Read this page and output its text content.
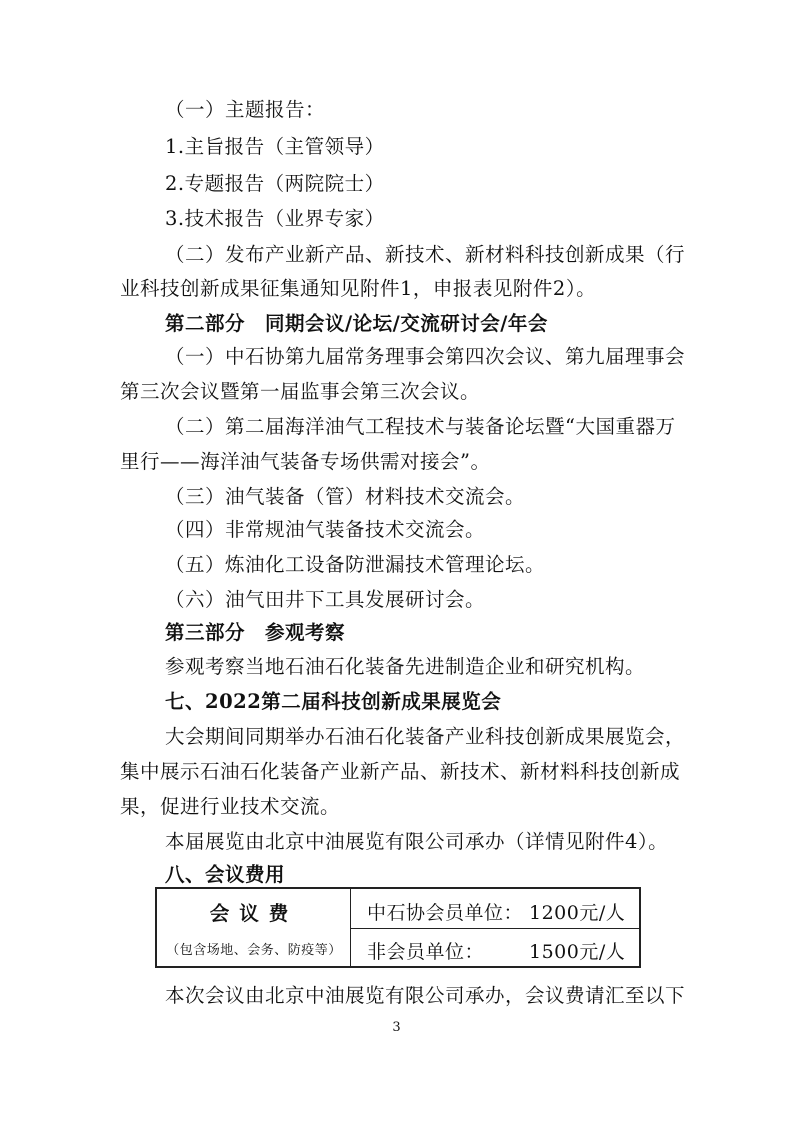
（一）主题报告：

1.主旨报告（主管领导）

2.专题报告（两院院士）

3.技术报告（业界专家）

（二）发布产业新产品、新技术、新材料科技创新成果（行

业科技创新成果征集通知见附件1，申报表见附件2）。

第二部分　同期会议/论坛/交流研讨会/年会

（一）中石协第九届常务理事会第四次会议、第九届理事会

第三次会议暨第一届监事会第三次会议。

（二）第二届海洋油气工程技术与装备论坛暨“大国重器万

里行——海洋油气装备专场供需对接会”。

（三）油气装备（管）材料技术交流会。

（四）非常规油气装备技术交流会。

（五）炼油化工设备防泄漏技术管理论坛。

（六）油气田井下工具发展研讨会。

第三部分　参观考察

参观考察当地石油石化装备先进制造企业和研究机构。

七、2022第二届科技创新成果展览会

大会期间同期举办石油石化装备产业科技创新成果展览会，

集中展示石油石化装备产业新产品、新技术、新材料科技创新成

果，促进行业技术交流。

本届展览由北京中油展览有限公司承办（详情见附件4）。

八、会议费用

会议费
（包含场地、会务、防疫等）
中石协会员单位： 1200元/人
非会员单位： 1500元/人

本次会议由北京中油展览有限公司承办，会议费请汇至以下

3
